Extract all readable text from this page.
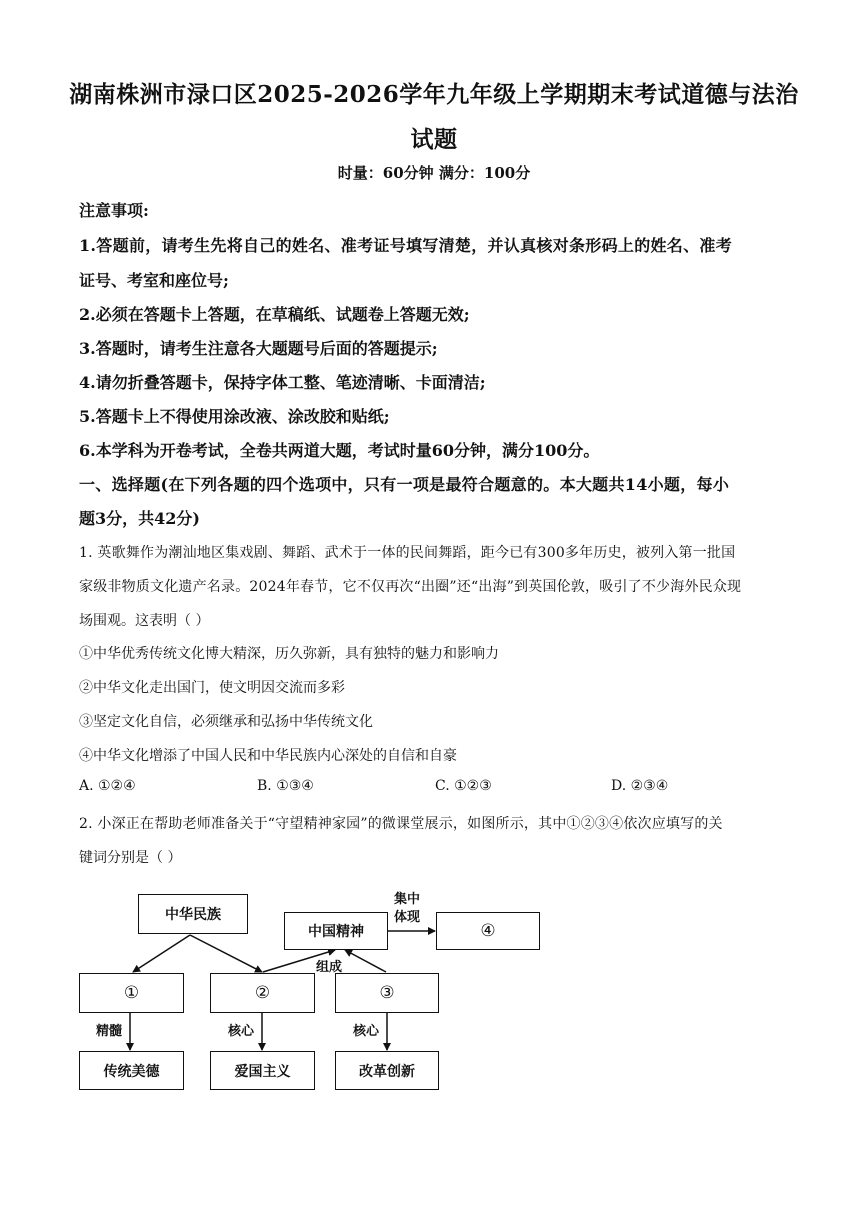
湖南株洲市渌口区2025-2026学年九年级上学期期末考试道德与法治
试题
时量：60分钟 满分：100分
注意事项:
1.答题前，请考生先将自己的姓名、准考证号填写清楚，并认真核对条形码上的姓名、准考
证号、考室和座位号;
2.必须在答题卡上答题，在草稿纸、试题卷上答题无效;
3.答题时，请考生注意各大题题号后面的答题提示;
4.请勿折叠答题卡，保持字体工整、笔迹清晰、卡面清洁;
5.答题卡上不得使用涂改液、涂改胶和贴纸;
6.本学科为开卷考试，全卷共两道大题，考试时量60分钟，满分100分。
一、选择题(在下列各题的四个选项中，只有一项是最符合题意的。本大题共14小题，每小
题3分，共42分)
1. 英歌舞作为潮汕地区集戏剧、舞蹈、武术于一体的民间舞蹈，距今已有300多年历史，被列入第一批国
家级非物质文化遗产名录。2024年春节，它不仅再次“出圈”还“出海”到英国伦敦，吸引了不少海外民众现
场围观。这表明（ ）
①中华优秀传统文化博大精深，历久弥新，具有独特的魅力和影响力
②中华文化走出国门，使文明因交流而多彩
③坚定文化自信，必须继承和弘扬中华传统文化
④中华文化增添了中国人民和中华民族内心深处的自信和自豪
A. ①②④	B. ①③④	C. ①②③	D. ②③④
2. 小深正在帮助老师准备关于“守望精神家园”的微课堂展示，如图所示，其中①②③④依次应填写的关
键词分别是（ ）
中华民族
中国精神	④
①	②	③
传统美德	爱国主义	改革创新
集中
体现
组成
精髓	核心	核心
